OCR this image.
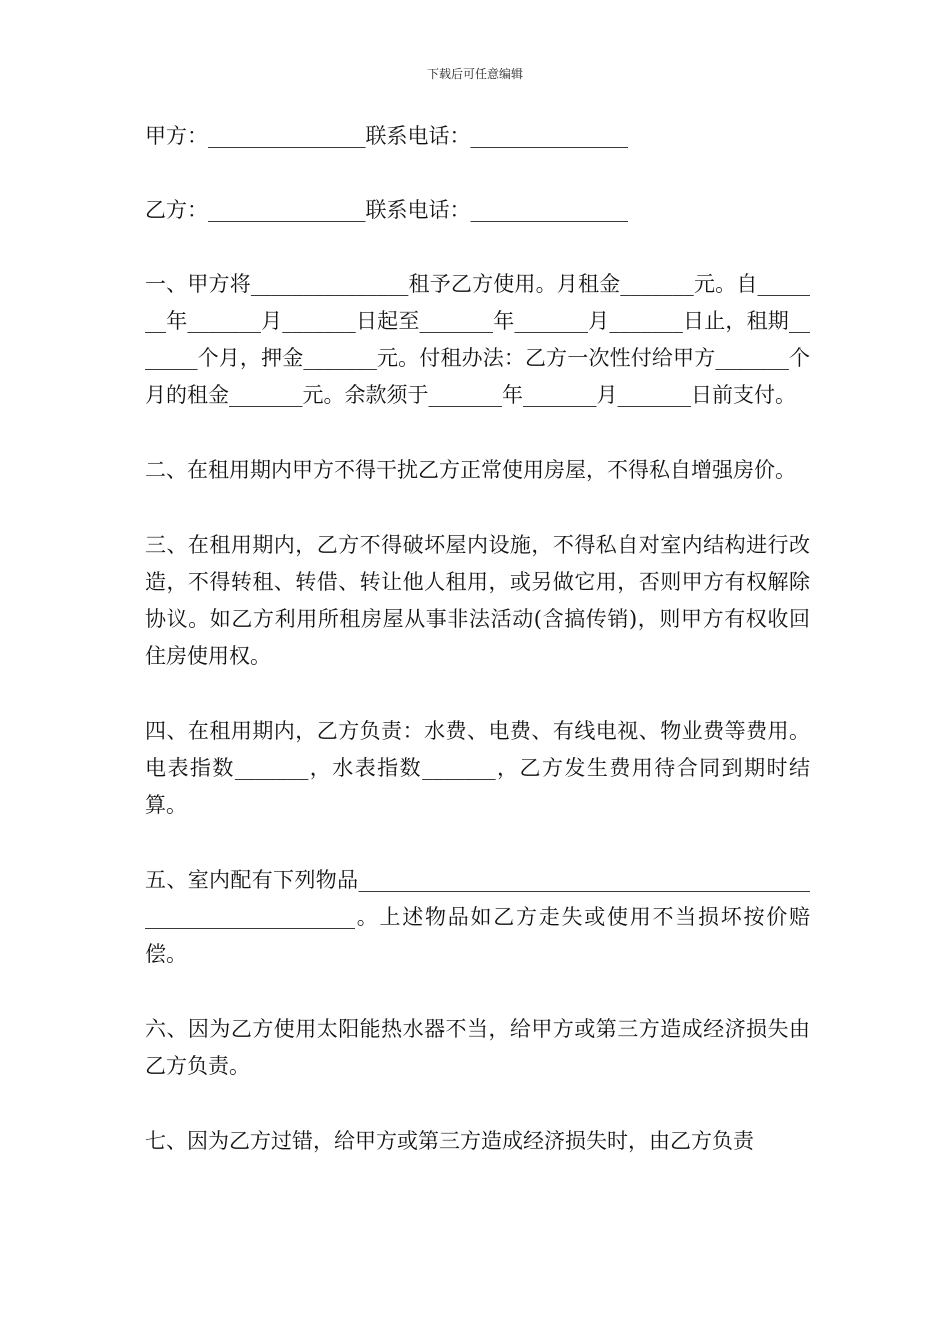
下载后可任意编辑

甲方：_______________联系电话：_______________

乙方：_______________联系电话：_______________

一、甲方将_______________租予乙方使用。月租金_______元。自_______年_______月_______日起至_______年_______月_______日止，租期_______个月，押金_______元。付租办法：乙方一次性付给甲方_______个月的租金_______元。余款须于_______年_______月_______日前支付。

二、在租用期内甲方不得干扰乙方正常使用房屋，不得私自增强房价。

三、在租用期内，乙方不得破坏屋内设施，不得私自对室内结构进行改造，不得转租、转借、转让他人租用，或另做它用，否则甲方有权解除协议。如乙方利用所租房屋从事非法活动(含搞传销)，则甲方有权收回住房使用权。

四、在租用期内，乙方负责：水费、电费、有线电视、物业费等费用。电表指数_______，水表指数_______，乙方发生费用待合同到期时结算。

五、室内配有下列物品_______________________________________________________________。上述物品如乙方走失或使用不当损坏按价赔偿。

六、因为乙方使用太阳能热水器不当，给甲方或第三方造成经济损失由乙方负责。

七、因为乙方过错，给甲方或第三方造成经济损失时，由乙方负责
